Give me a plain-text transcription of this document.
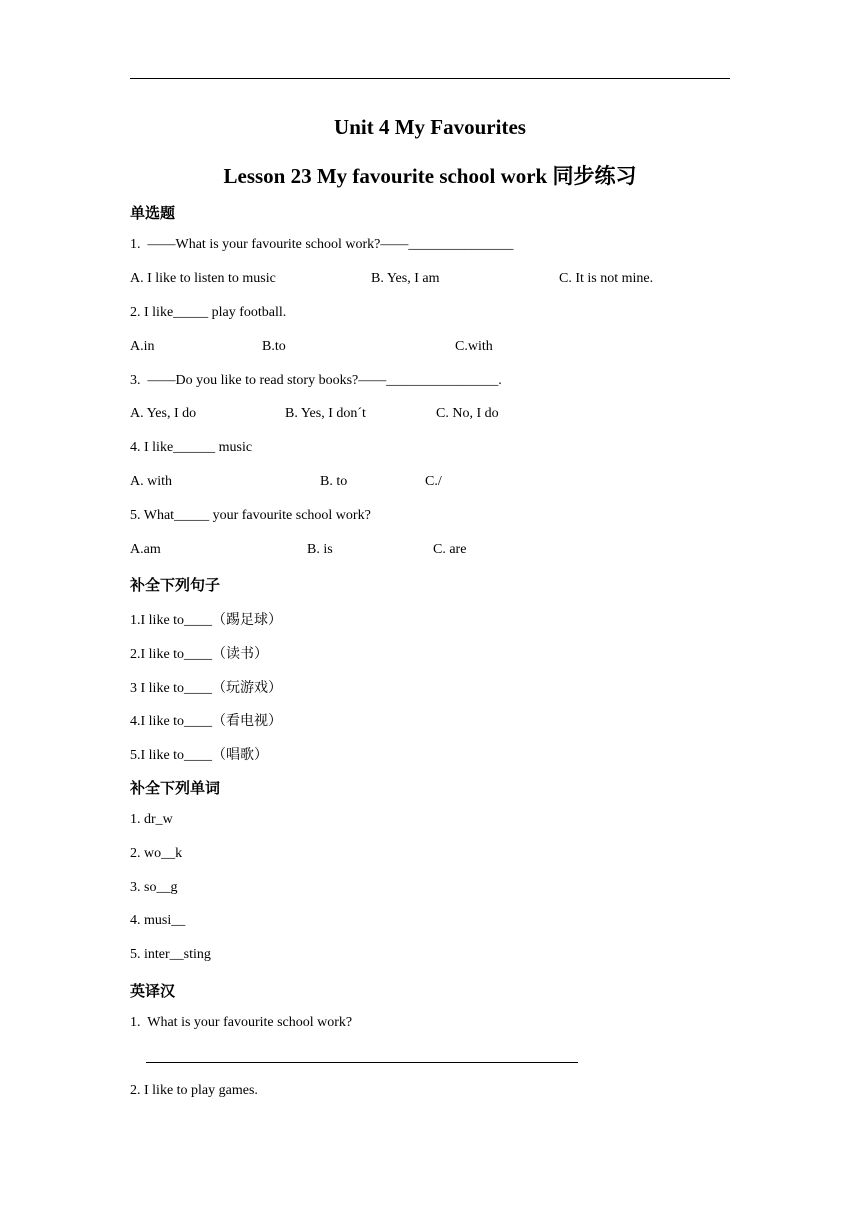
Unit 4 My Favourites
Lesson 23 My favourite school work 同步练习
单选题
1.  ——What is your favourite school work?——_______________
A. I like to listen to music	B. Yes, I am	C. It is not mine.
2. I like_____ play football.
A.in	B.to	C.with
3.  ——Do you like to read story books?——________________.
A. Yes, I do	B. Yes, I don´t	C. No, I do
4. I like______ music
A. with	B. to	C./
5. What_____ your favourite school work?
A.am	B. is	C. are
补全下列句子
1.I like to____（踢足球）
2.I like to____（读书）
3 I like to____（玩游戏）
4.I like to____（看电视）
5.I like to____（唱歌）
补全下列单词
1. dr_w
2. wo__k
3. so__g
4. musi__
5. inter__sting
英译汉
1.  What is your favourite school work?
2. I like to play games.
